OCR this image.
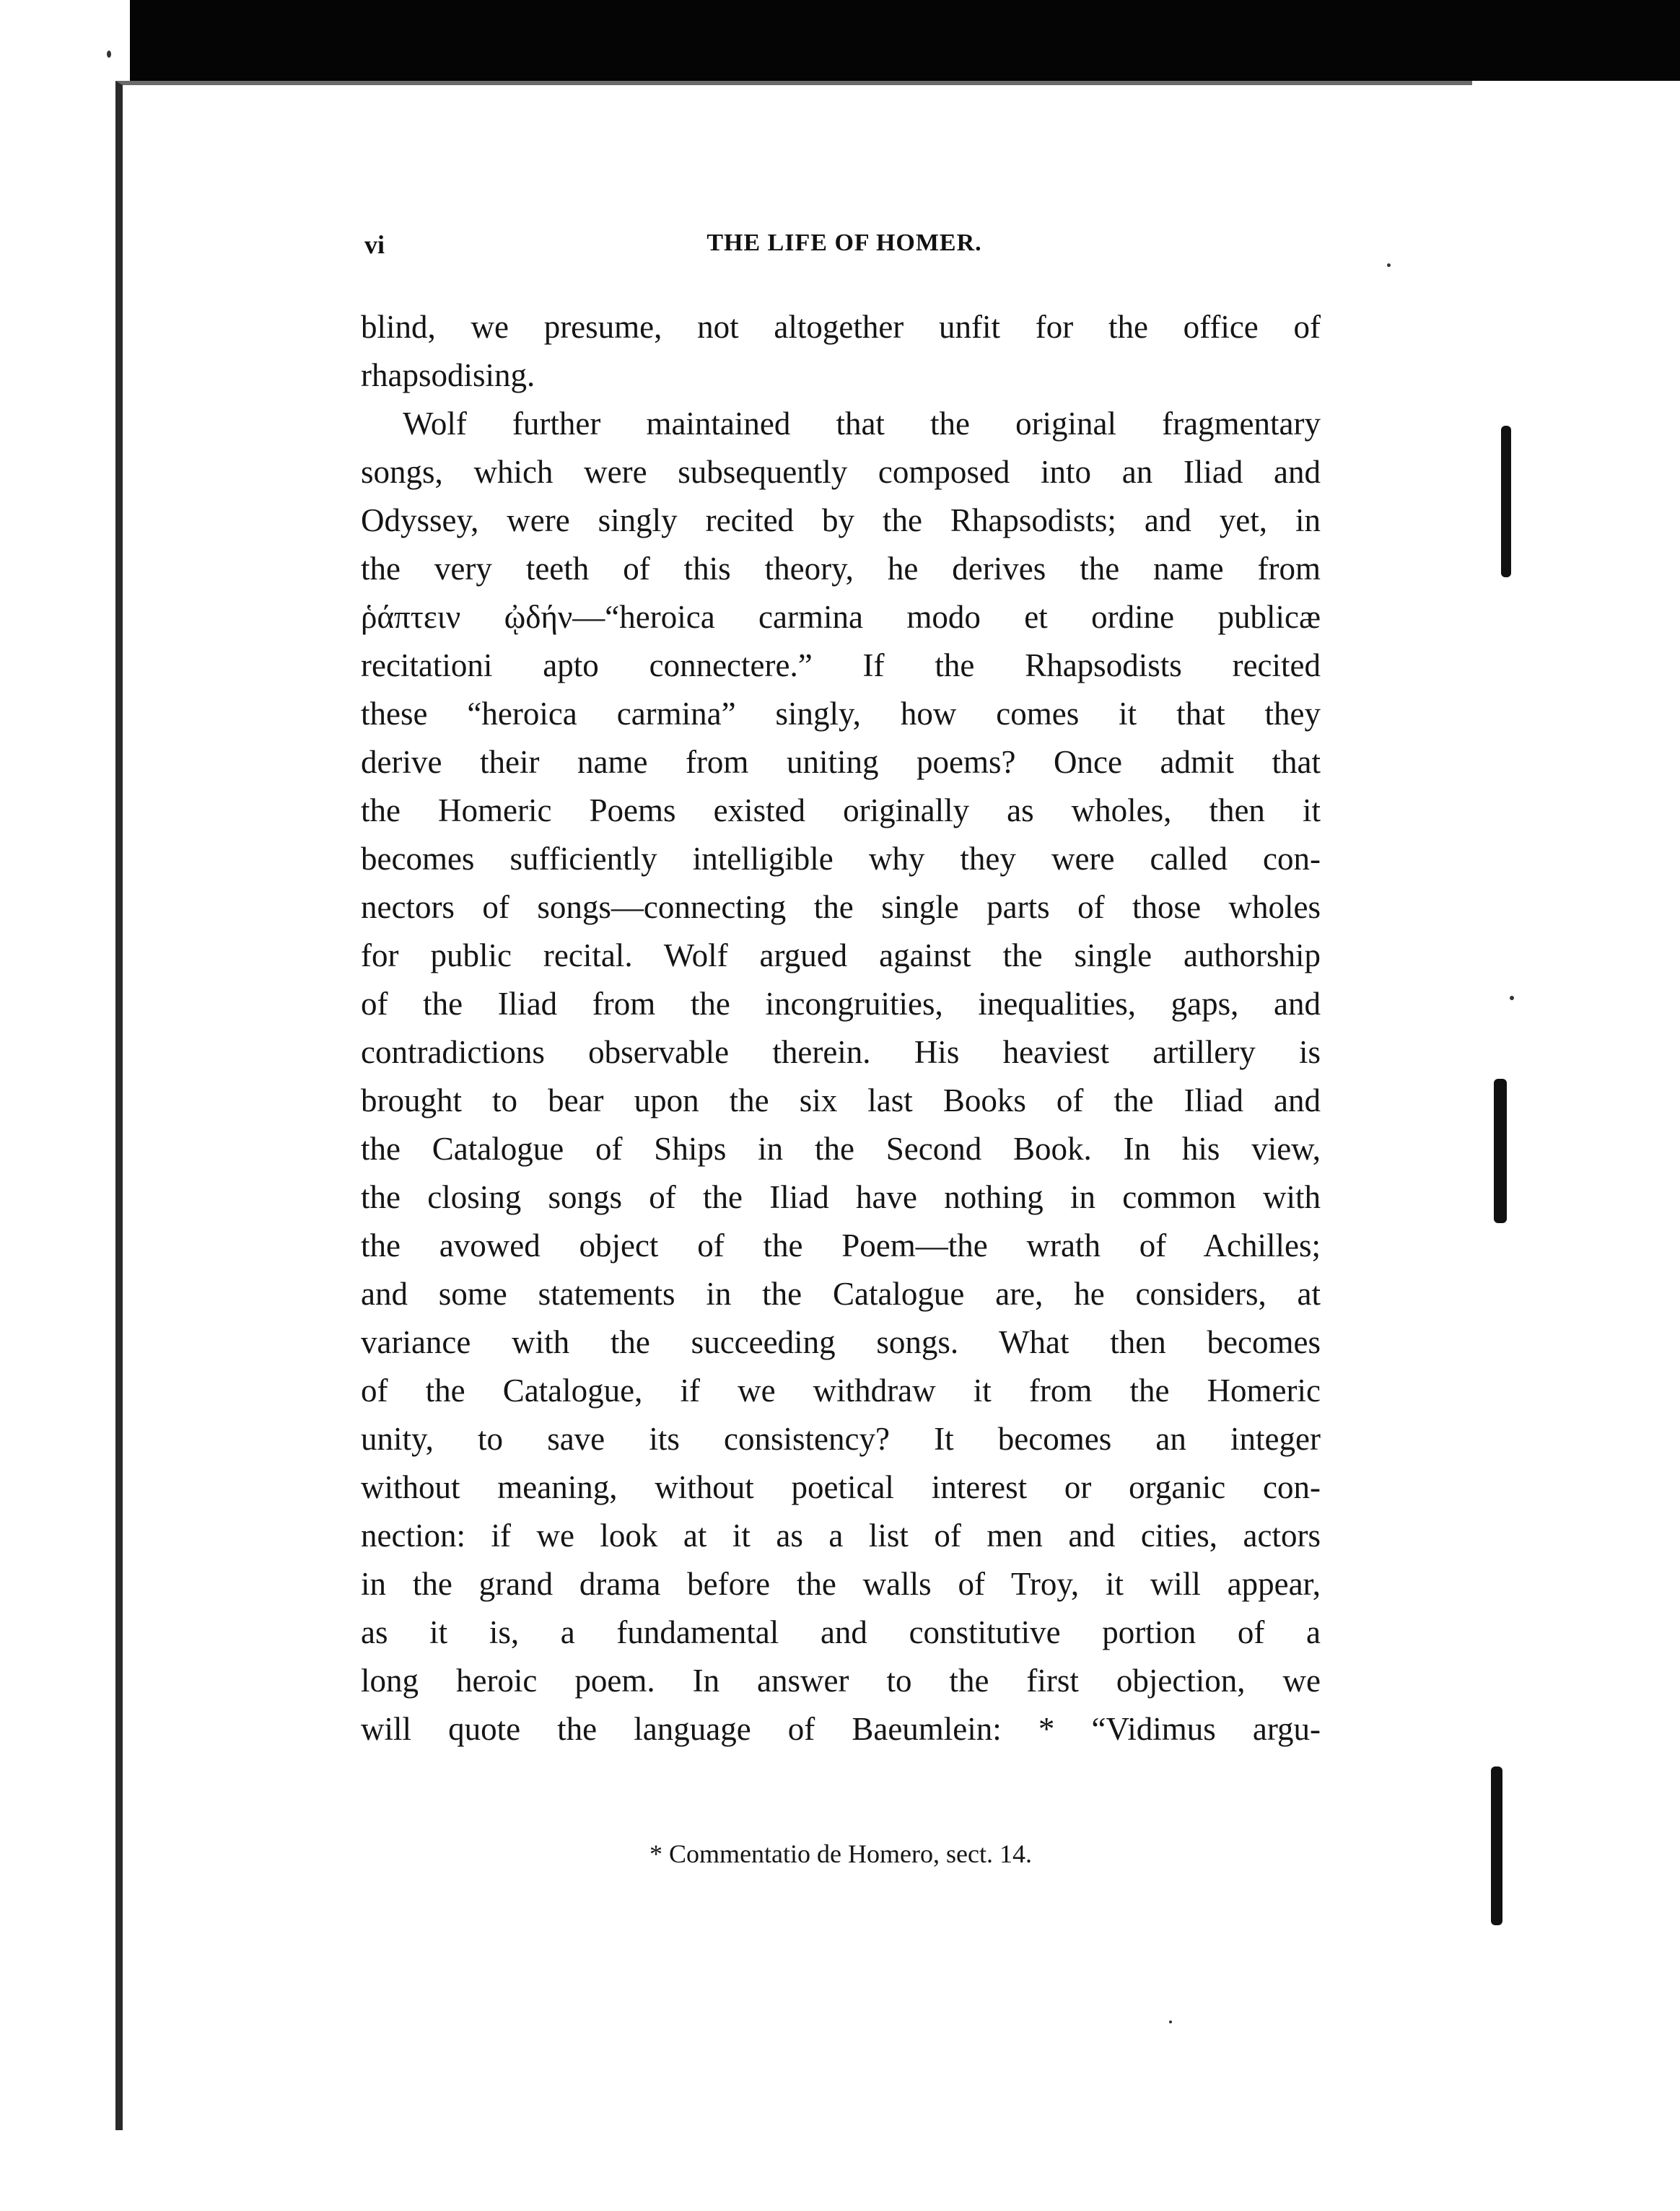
vi	THE LIFE OF HOMER.
blind, we presume, not altogether unfit for the office of
rhapsodising.
Wolf further maintained that the original fragmentary
songs, which were subsequently composed into an Iliad and
Odyssey, were singly recited by the Rhapsodists; and yet, in
the very teeth of this theory, he derives the name from
ῥάπτειν ᾠδήν—“heroica carmina modo et ordine publicæ
recitationi apto connectere.” If the Rhapsodists recited
these “heroica carmina” singly, how comes it that they
derive their name from uniting poems? Once admit that
the Homeric Poems existed originally as wholes, then it
becomes sufficiently intelligible why they were called con-
nectors of songs—connecting the single parts of those wholes
for public recital. Wolf argued against the single authorship
of the Iliad from the incongruities, inequalities, gaps, and
contradictions observable therein. His heaviest artillery is
brought to bear upon the six last Books of the Iliad and
the Catalogue of Ships in the Second Book. In his view,
the closing songs of the Iliad have nothing in common with
the avowed object of the Poem—the wrath of Achilles;
and some statements in the Catalogue are, he considers, at
variance with the succeeding songs. What then becomes
of the Catalogue, if we withdraw it from the Homeric
unity, to save its consistency? It becomes an integer
without meaning, without poetical interest or organic con-
nection: if we look at it as a list of men and cities, actors
in the grand drama before the walls of Troy, it will appear,
as it is, a fundamental and constitutive portion of a
long heroic poem. In answer to the first objection, we
will quote the language of Baeumlein: * “Vidimus argu-
* Commentatio de Homero, sect. 14.
